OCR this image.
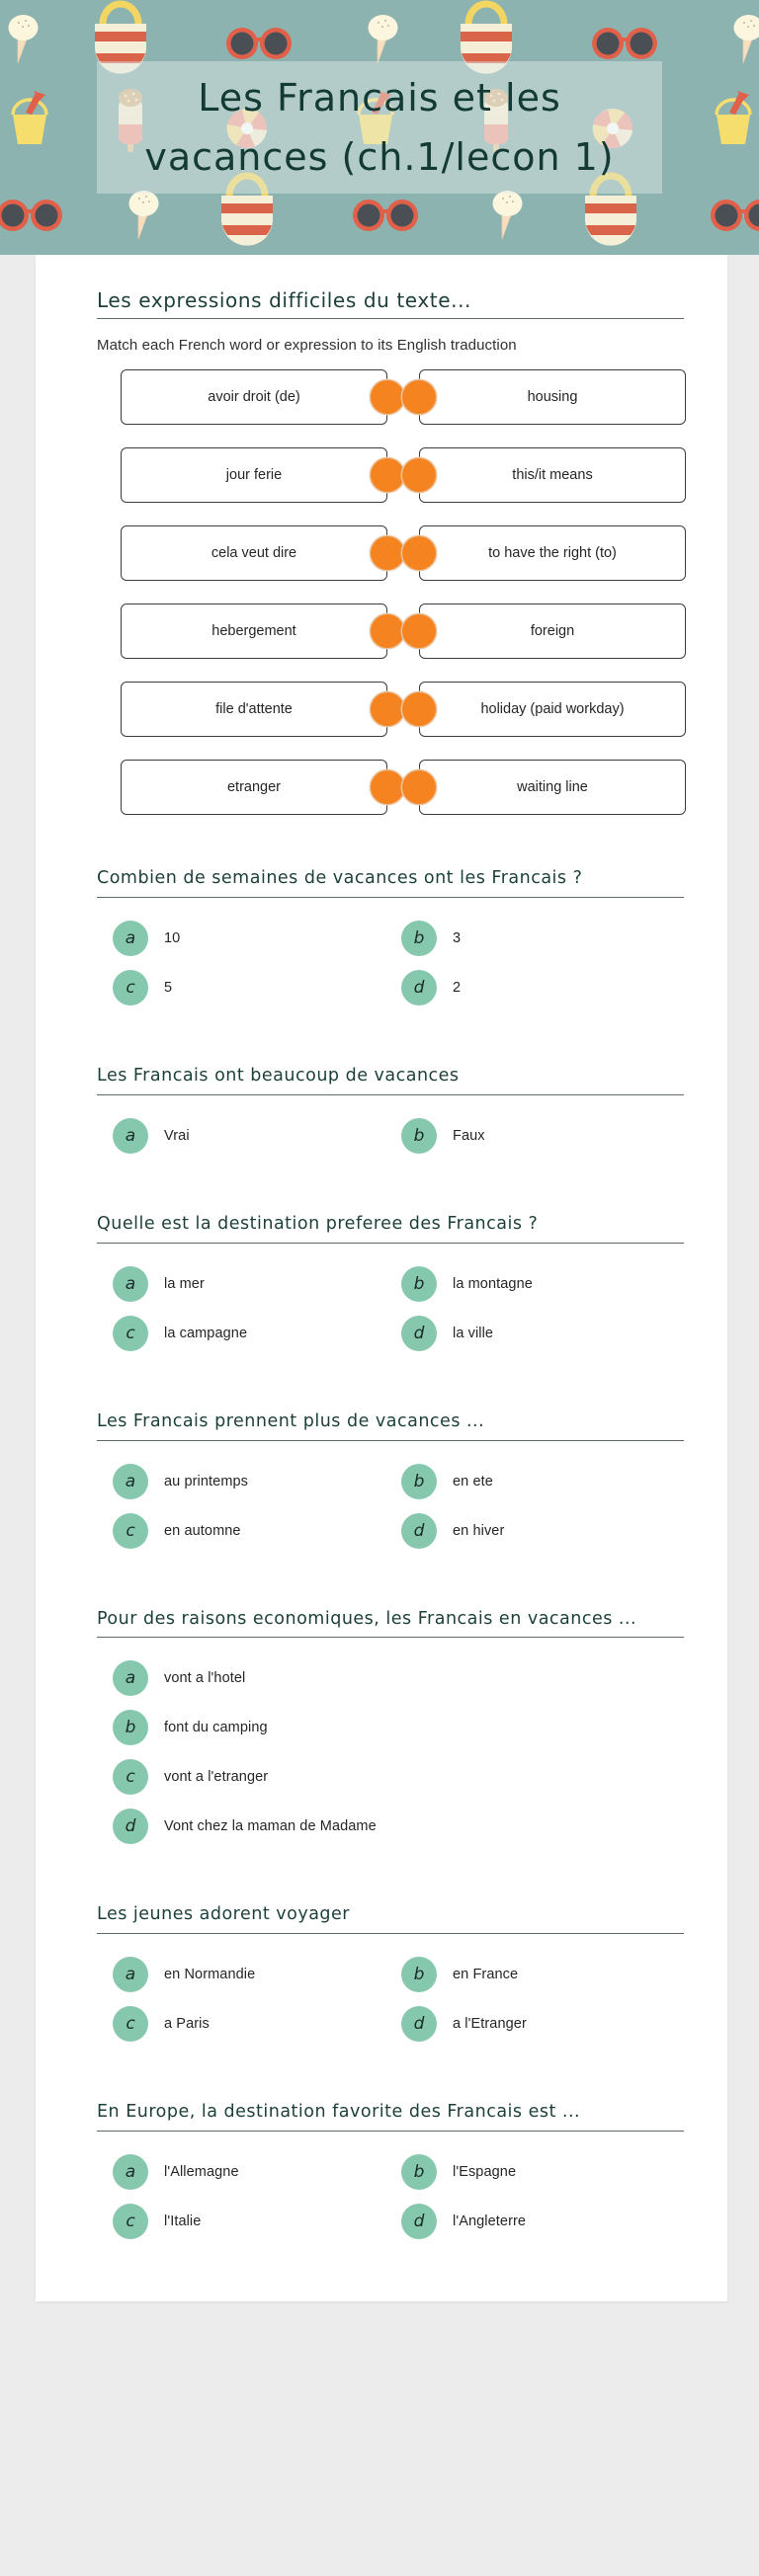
Les Francais et les
vacances (ch.1/lecon 1)
Les expressions difficiles du texte...
Match each French word or expression to its English traduction
avoir droit (de)
jour ferie
cela veut dire
hebergement
file d'attente
etranger
housing
this/it means
to have the right (to)
foreign
holiday (paid workday)
waiting line
Combien de semaines de vacances ont les Francais ?
a	10	b	3
c	5	d	2
Les Francais ont beaucoup de vacances
a	Vrai	b	Faux
Quelle est la destination preferee des Francais ?
a	la mer	b	la montagne
c	la campagne	d	la ville
Les Francais prennent plus de vacances ...
a	au printemps	b	en ete
c	en automne	d	en hiver
Pour des raisons economiques, les Francais en vacances ...
a	vont a l'hotel
b	font du camping
c	vont a l'etranger
d	Vont chez la maman de Madame
Les jeunes adorent voyager
a	en Normandie	b	en France
c	a Paris	d	a l'Etranger
En Europe, la destination favorite des Francais est ...
a	l'Allemagne	b	l'Espagne
c	l'Italie	d	l'Angleterre
